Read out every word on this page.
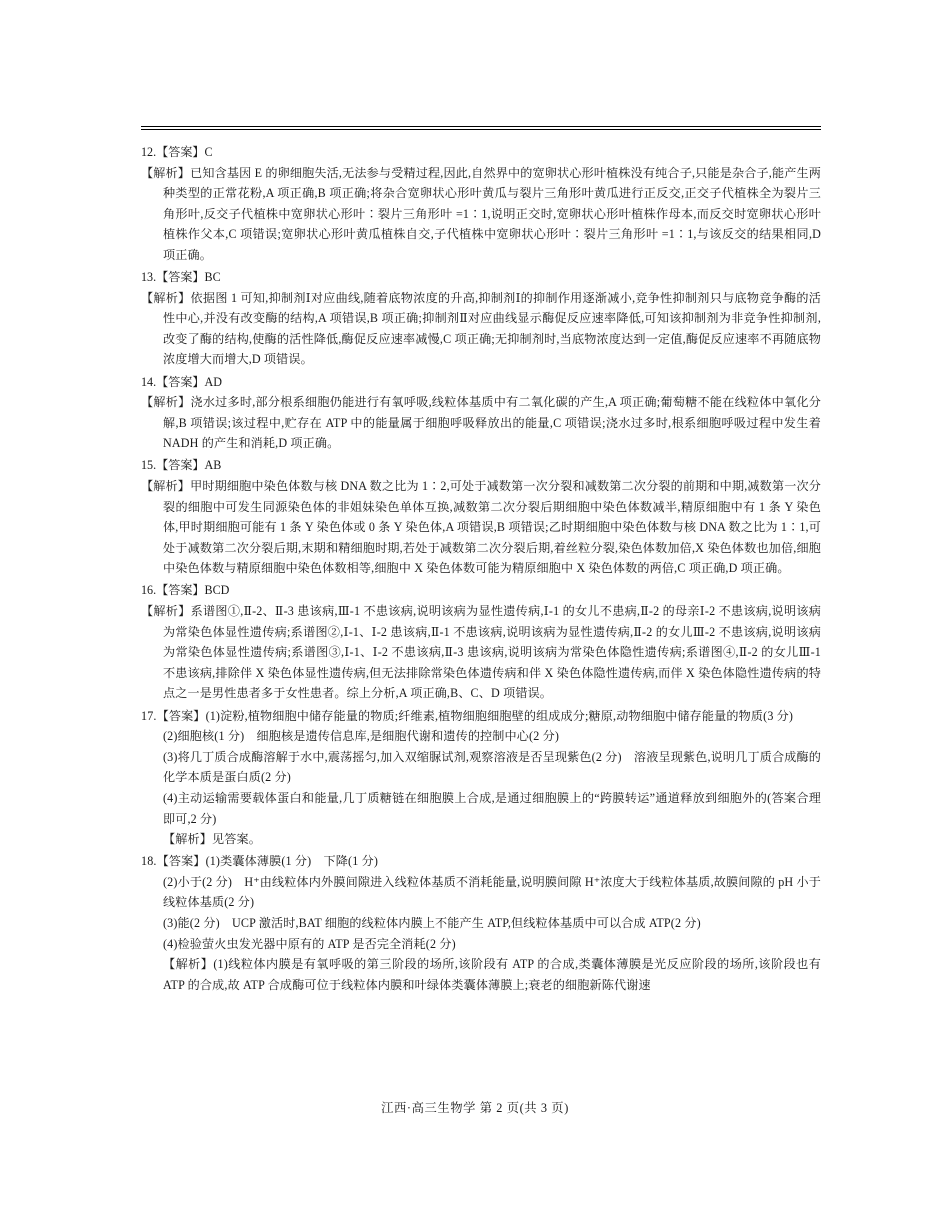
12.【答案】C
【解析】已知含基因 E 的卵细胞失活,无法参与受精过程,因此,自然界中的宽卵状心形叶植株没有纯合子,只能是杂合子,能产生两种类型的正常花粉,A 项正确,B 项正确;将杂合宽卵状心形叶黄瓜与裂片三角形叶黄瓜进行正反交,正交子代植株全为裂片三角形叶,反交子代植株中宽卵状心形叶∶裂片三角形叶 =1∶1,说明正交时,宽卵状心形叶植株作母本,而反交时宽卵状心形叶植株作父本,C 项错误;宽卵状心形叶黄瓜植株自交,子代植株中宽卵状心形叶∶裂片三角形叶 =1∶1,与该反交的结果相同,D 项正确。
13.【答案】BC
【解析】依据图 1 可知,抑制剂Ⅰ对应曲线,随着底物浓度的升高,抑制剂Ⅰ的抑制作用逐渐减小,竞争性抑制剂只与底物竞争酶的活性中心,并没有改变酶的结构,A 项错误,B 项正确;抑制剂Ⅱ对应曲线显示酶促反应速率降低,可知该抑制剂为非竞争性抑制剂,改变了酶的结构,使酶的活性降低,酶促反应速率减慢,C 项正确;无抑制剂时,当底物浓度达到一定值,酶促反应速率不再随底物浓度增大而增大,D 项错误。
14.【答案】AD
【解析】浇水过多时,部分根系细胞仍能进行有氧呼吸,线粒体基质中有二氧化碳的产生,A 项正确;葡萄糖不能在线粒体中氧化分解,B 项错误;该过程中,贮存在 ATP 中的能量属于细胞呼吸释放出的能量,C 项错误;浇水过多时,根系细胞呼吸过程中发生着 NADH 的产生和消耗,D 项正确。
15.【答案】AB
【解析】甲时期细胞中染色体数与核 DNA 数之比为 1∶2,可处于减数第一次分裂和减数第二次分裂的前期和中期,减数第一次分裂的细胞中可发生同源染色体的非姐妹染色单体互换,减数第二次分裂后期细胞中染色体数减半,精原细胞中有 1 条 Y 染色体,甲时期细胞可能有 1 条 Y 染色体或 0 条 Y 染色体,A 项错误,B 项错误;乙时期细胞中染色体数与核 DNA 数之比为 1∶1,可处于减数第二次分裂后期,末期和精细胞时期,若处于减数第二次分裂后期,着丝粒分裂,染色体数加倍,X 染色体数也加倍,细胞中染色体数与精原细胞中染色体数相等,细胞中 X 染色体数可能为精原细胞中 X 染色体数的两倍,C 项正确,D 项正确。
16.【答案】BCD
【解析】系谱图①,Ⅱ-2、Ⅱ-3 患该病,Ⅲ-1 不患该病,说明该病为显性遗传病,Ⅰ-1 的女儿不患病,Ⅱ-2 的母亲Ⅰ-2 不患该病,说明该病为常染色体显性遗传病;系谱图②,Ⅰ-1、Ⅰ-2 患该病,Ⅱ-1 不患该病,说明该病为显性遗传病,Ⅱ-2 的女儿Ⅲ-2 不患该病,说明该病为常染色体显性遗传病;系谱图③,Ⅰ-1、Ⅰ-2 不患该病,Ⅱ-3 患该病,说明该病为常染色体隐性遗传病;系谱图④,Ⅱ-2 的女儿Ⅲ-1 不患该病,排除伴 X 染色体显性遗传病,但无法排除常染色体遗传病和伴 X 染色体隐性遗传病,而伴 X 染色体隐性遗传病的特点之一是男性患者多于女性患者。综上分析,A 项正确,B、C、D 项错误。
17.【答案】(1)淀粉,植物细胞中储存能量的物质;纤维素,植物细胞细胞壁的组成成分;糖原,动物细胞中储存能量的物质(3 分)
(2)细胞核(1 分)　细胞核是遗传信息库,是细胞代谢和遗传的控制中心(2 分)
(3)将几丁质合成酶溶解于水中,震荡摇匀,加入双缩脲试剂,观察溶液是否呈现紫色(2 分)　溶液呈现紫色,说明几丁质合成酶的化学本质是蛋白质(2 分)
(4)主动运输需要载体蛋白和能量,几丁质糖链在细胞膜上合成,是通过细胞膜上的“跨膜转运”通道释放到细胞外的(答案合理即可,2 分)
【解析】见答案。
18.【答案】(1)类囊体薄膜(1 分)　下降(1 分)
(2)小于(2 分)　H⁺由线粒体内外膜间隙进入线粒体基质不消耗能量,说明膜间隙 H⁺浓度大于线粒体基质,故膜间隙的 pH 小于线粒体基质(2 分)
(3)能(2 分)　UCP 激活时,BAT 细胞的线粒体内膜上不能产生 ATP,但线粒体基质中可以合成 ATP(2 分)
(4)检验萤火虫发光器中原有的 ATP 是否完全消耗(2 分)
【解析】(1)线粒体内膜是有氧呼吸的第三阶段的场所,该阶段有 ATP 的合成,类囊体薄膜是光反应阶段的场所,该阶段也有 ATP 的合成,故 ATP 合成酶可位于线粒体内膜和叶绿体类囊体薄膜上;衰老的细胞新陈代谢速
江西·高三生物学 第 2 页(共 3 页)
